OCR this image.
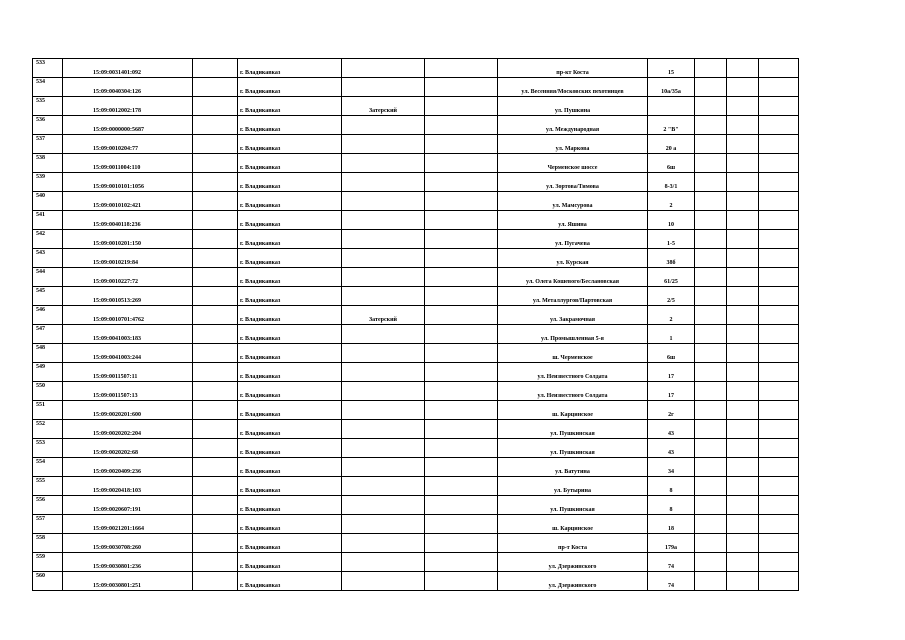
533	15:09:0031401:092		г. Владикавказ			пр-кт Коста	15			
534	15:09:0040304:126		г. Владикавказ			ул. Весенняя/Московских пехотинцев	10а/35а			
535	15:09:0012002:178		г. Владикавказ	Затерский		ул. Пушкина				
536	15:09:0000000:5687		г. Владикавказ			ул. Международная	2 "В"			
537	15:09:0010204:77		г. Владикавказ			ул. Маркова	20 а			
538	15:09:0011004:110		г. Владикавказ			Черменское шоссе	6ш			
539	15:09:0010101:1056		г. Владикавказ			ул. Зортова/Тимова	8-3/1			
540	15:09:0010102:421		г. Владикавказ			ул. Мамсурова	2			
541	15:09:0040118:236		г. Владикавказ			ул. Яшина	10			
542	15:09:0010201:150		г. Владикавказ			ул. Пугачева	1-5			
543	15:09:0010219:84		г. Владикавказ			ул. Курская	38б			
544	15:09:0010227:72		г. Владикавказ			ул. Олега Кошевого/Беслановская	61/25			
545	15:09:0010513:269		г. Владикавказ			ул. Металлургов/Партовская	2/5			
546	15:09:0010701:4762		г. Владикавказ	Затерский		ул. Закрамочная	2			
547	15:09:0041003:183		г. Владикавказ			ул. Промышленная 5-я	1			
548	15:09:0041003:244		г. Владикавказ			ш. Черменское	6ш			
549	15:09:0011507:11		г. Владикавказ			ул. Неизвестного Солдата	17			
550	15:09:0011507:13		г. Владикавказ			ул. Неизвестного Солдата	17			
551	15:09:0020201:600		г. Владикавказ			ш. Карцинское	2г			
552	15:09:0020202:204		г. Владикавказ			ул. Пушкинская	43			
553	15:09:0020202:68		г. Владикавказ			ул. Пушкинская	43			
554	15:09:0020409:236		г. Владикавказ			ул. Ватутина	34			
555	15:09:0020418:103		г. Владикавказ			ул. Бутырина	8			
556	15:09:0020607:191		г. Владикавказ			ул. Пушкинская	8			
557	15:09:0021201:1664		г. Владикавказ			ш. Карцинское	18			
558	15:09:0030708:260		г. Владикавказ			пр-т Коста	179а			
559	15:09:0030801:236		г. Владикавказ			ул. Дзержинского	74			
560	15:09:0030801:251		г. Владикавказ			ул. Дзержинского	74			
